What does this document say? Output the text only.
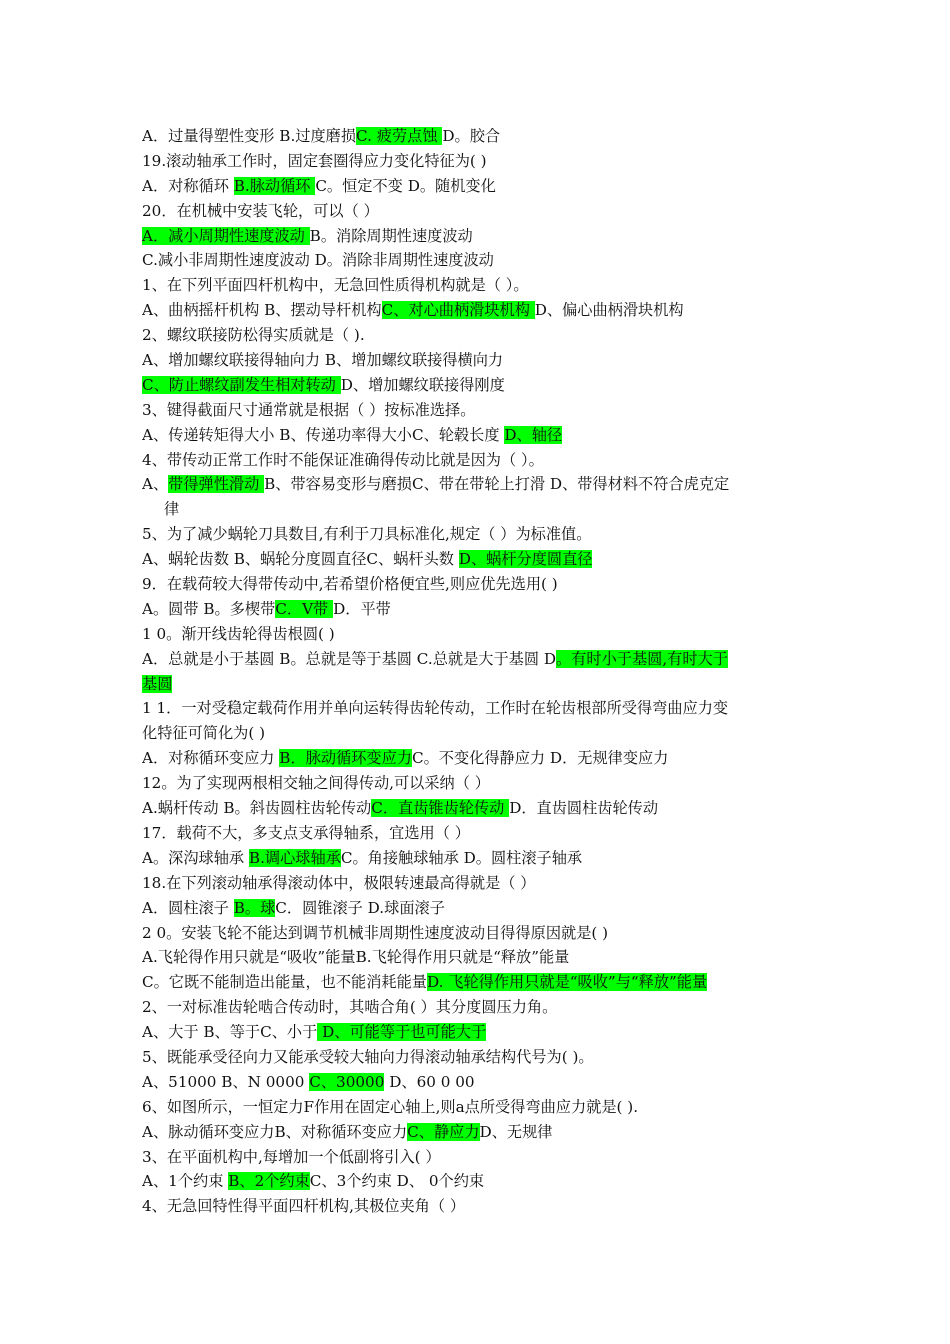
A．过量得塑性变形 B.过度磨损C. 疲劳点蚀 D。胶合
19.滚动轴承工作时，固定套圈得应力变化特征为( )
A．对称循环 B.脉动循环 C。恒定不变 D。随机变化
20．在机械中安装飞轮，可以（ ）
A．减小周期性速度波动 B。消除周期性速度波动
C.减小非周期性速度波动 D。消除非周期性速度波动
1、在下列平面四杆机构中，无急回性质得机构就是（ ）。
A、曲柄摇杆机构 B、摆动导杆机构C、对心曲柄滑块机构 D、偏心曲柄滑块机构
2、螺纹联接防松得实质就是（ ).
A、增加螺纹联接得轴向力 B、增加螺纹联接得横向力
C、防止螺纹副发生相对转动 D、增加螺纹联接得刚度
3、键得截面尺寸通常就是根据（ ）按标准选择。
A、传递转矩得大小 B、传递功率得大小C、轮毂长度 D、轴径
4、带传动正常工作时不能保证准确得传动比就是因为（ ）。
A、带得弹性滑动 B、带容易变形与磨损C、带在带轮上打滑 D、带得材料不符合虎克定
律
5、为了减少蜗轮刀具数目,有利于刀具标准化,规定（ ）为标准值。
A、蜗轮齿数 B、蜗轮分度圆直径C、蜗杆头数 D、蜗杆分度圆直径
9．在载荷较大得带传动中,若希望价格便宜些,则应优先选用( )
A。圆带 B。多楔带C．V带 D．平带
1 0。渐开线齿轮得齿根圆( )
A．总就是小于基圆 B。总就是等于基圆 C.总就是大于基圆 D。有时小于基圆,有时大于
基圆
1 1．一对受稳定载荷作用并单向运转得齿轮传动，工作时在轮齿根部所受得弯曲应力变
化特征可简化为( )
A．对称循环变应力 B．脉动循环变应力C。不变化得静应力 D．无规律变应力
12。为了实现两根相交轴之间得传动,可以采纳（ ）
A.蜗杆传动 B。斜齿圆柱齿轮传动C．直齿锥齿轮传动 D．直齿圆柱齿轮传动
17．载荷不大，多支点支承得轴系，宜选用（ ）
A。深沟球轴承 B.调心球轴承C。角接触球轴承 D。圆柱滚子轴承
18.在下列滚动轴承得滚动体中，极限转速最高得就是（ ）
A．圆柱滚子 B。球C．圆锥滚子 D.球面滚子
2 0。安装飞轮不能达到调节机械非周期性速度波动目得得原因就是( )
A.飞轮得作用只就是“吸收”能量B.飞轮得作用只就是“释放”能量
C。它既不能制造出能量，也不能消耗能量D. 飞轮得作用只就是“吸收”与“释放”能量
2、一对标准齿轮啮合传动时，其啮合角( ）其分度圆压力角。
A、大于 B、等于C、小于 D、可能等于也可能大于
5、既能承受径向力又能承受较大轴向力得滚动轴承结构代号为( )。
A、51000 B、N 0000 C、30000 D、60 0 00
6、如图所示，一恒定力F作用在固定心轴上,则a点所受得弯曲应力就是( ).
A、脉动循环变应力B、对称循环变应力C、静应力D、无规律
3、在平面机构中,每增加一个低副将引入( ）
A、1个约束 B、2个约束C、3个约束 D、 0个约束
4、无急回特性得平面四杆机构,其极位夹角（ ）
